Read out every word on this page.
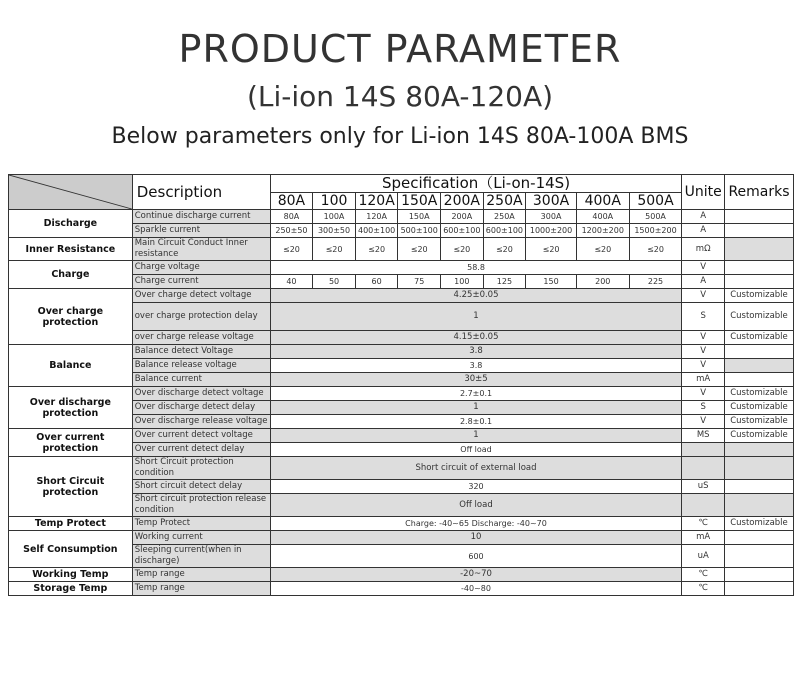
PRODUCT PARAMETER
(Li-ion 14S 80A-120A)
Below parameters only for Li-ion 14S 80A-100A BMS
	Description	Specification（Li-on-14S)									Unite	Remarks
		80A	100	120A	150A	200A	250A	300A	400A	500A		
Discharge	Continue discharge current	80A	100A	120A	150A	200A	250A	300A	400A	500A	A	
	Sparkle current	250±50	300±50	400±100	500±100	600±100	600±100	1000±200	1200±200	1500±200	A	
Inner Resistance	Main Circuit Conduct Inner resistance	≤20	≤20	≤20	≤20	≤20	≤20	≤20	≤20	≤20	mΩ	
Charge	Charge voltage	58.8									V	
	Charge current	40	50	60	75	100	125	150	200	225	A	
Over charge protection	Over charge detect voltage	4.25±0.05									V	Customizable
	over charge protection delay	1									S	Customizable
	over charge release voltage	4.15±0.05									V	Customizable
Balance	Balance detect Voltage	3.8									V	
	Balance release voltage	3.8									V	
	Balance current	30±5									mA	
Over discharge protection	Over discharge detect voltage	2.7±0.1									V	Customizable
	Over discharge detect delay	1									S	Customizable
	Over discharge release voltage	2.8±0.1									V	Customizable
Over current protection	Over current detect voltage	1									MS	Customizable
	Over current detect delay	Off load										
Short Circuit protection	Short Circuit protection condition	Short circuit of external load										
	Short circuit detect delay	320									uS	
	Short circuit protection release condition	Off load										
Temp Protect	Temp Protect	Charge: -40~65 Discharge: -40~70									℃	Customizable
Self Consumption	Working current	10									mA	
	Sleeping current(when in discharge)	600									uA	
Working Temp	Temp range	-20~70									℃	
Storage Temp	Temp range	-40~80									℃	
